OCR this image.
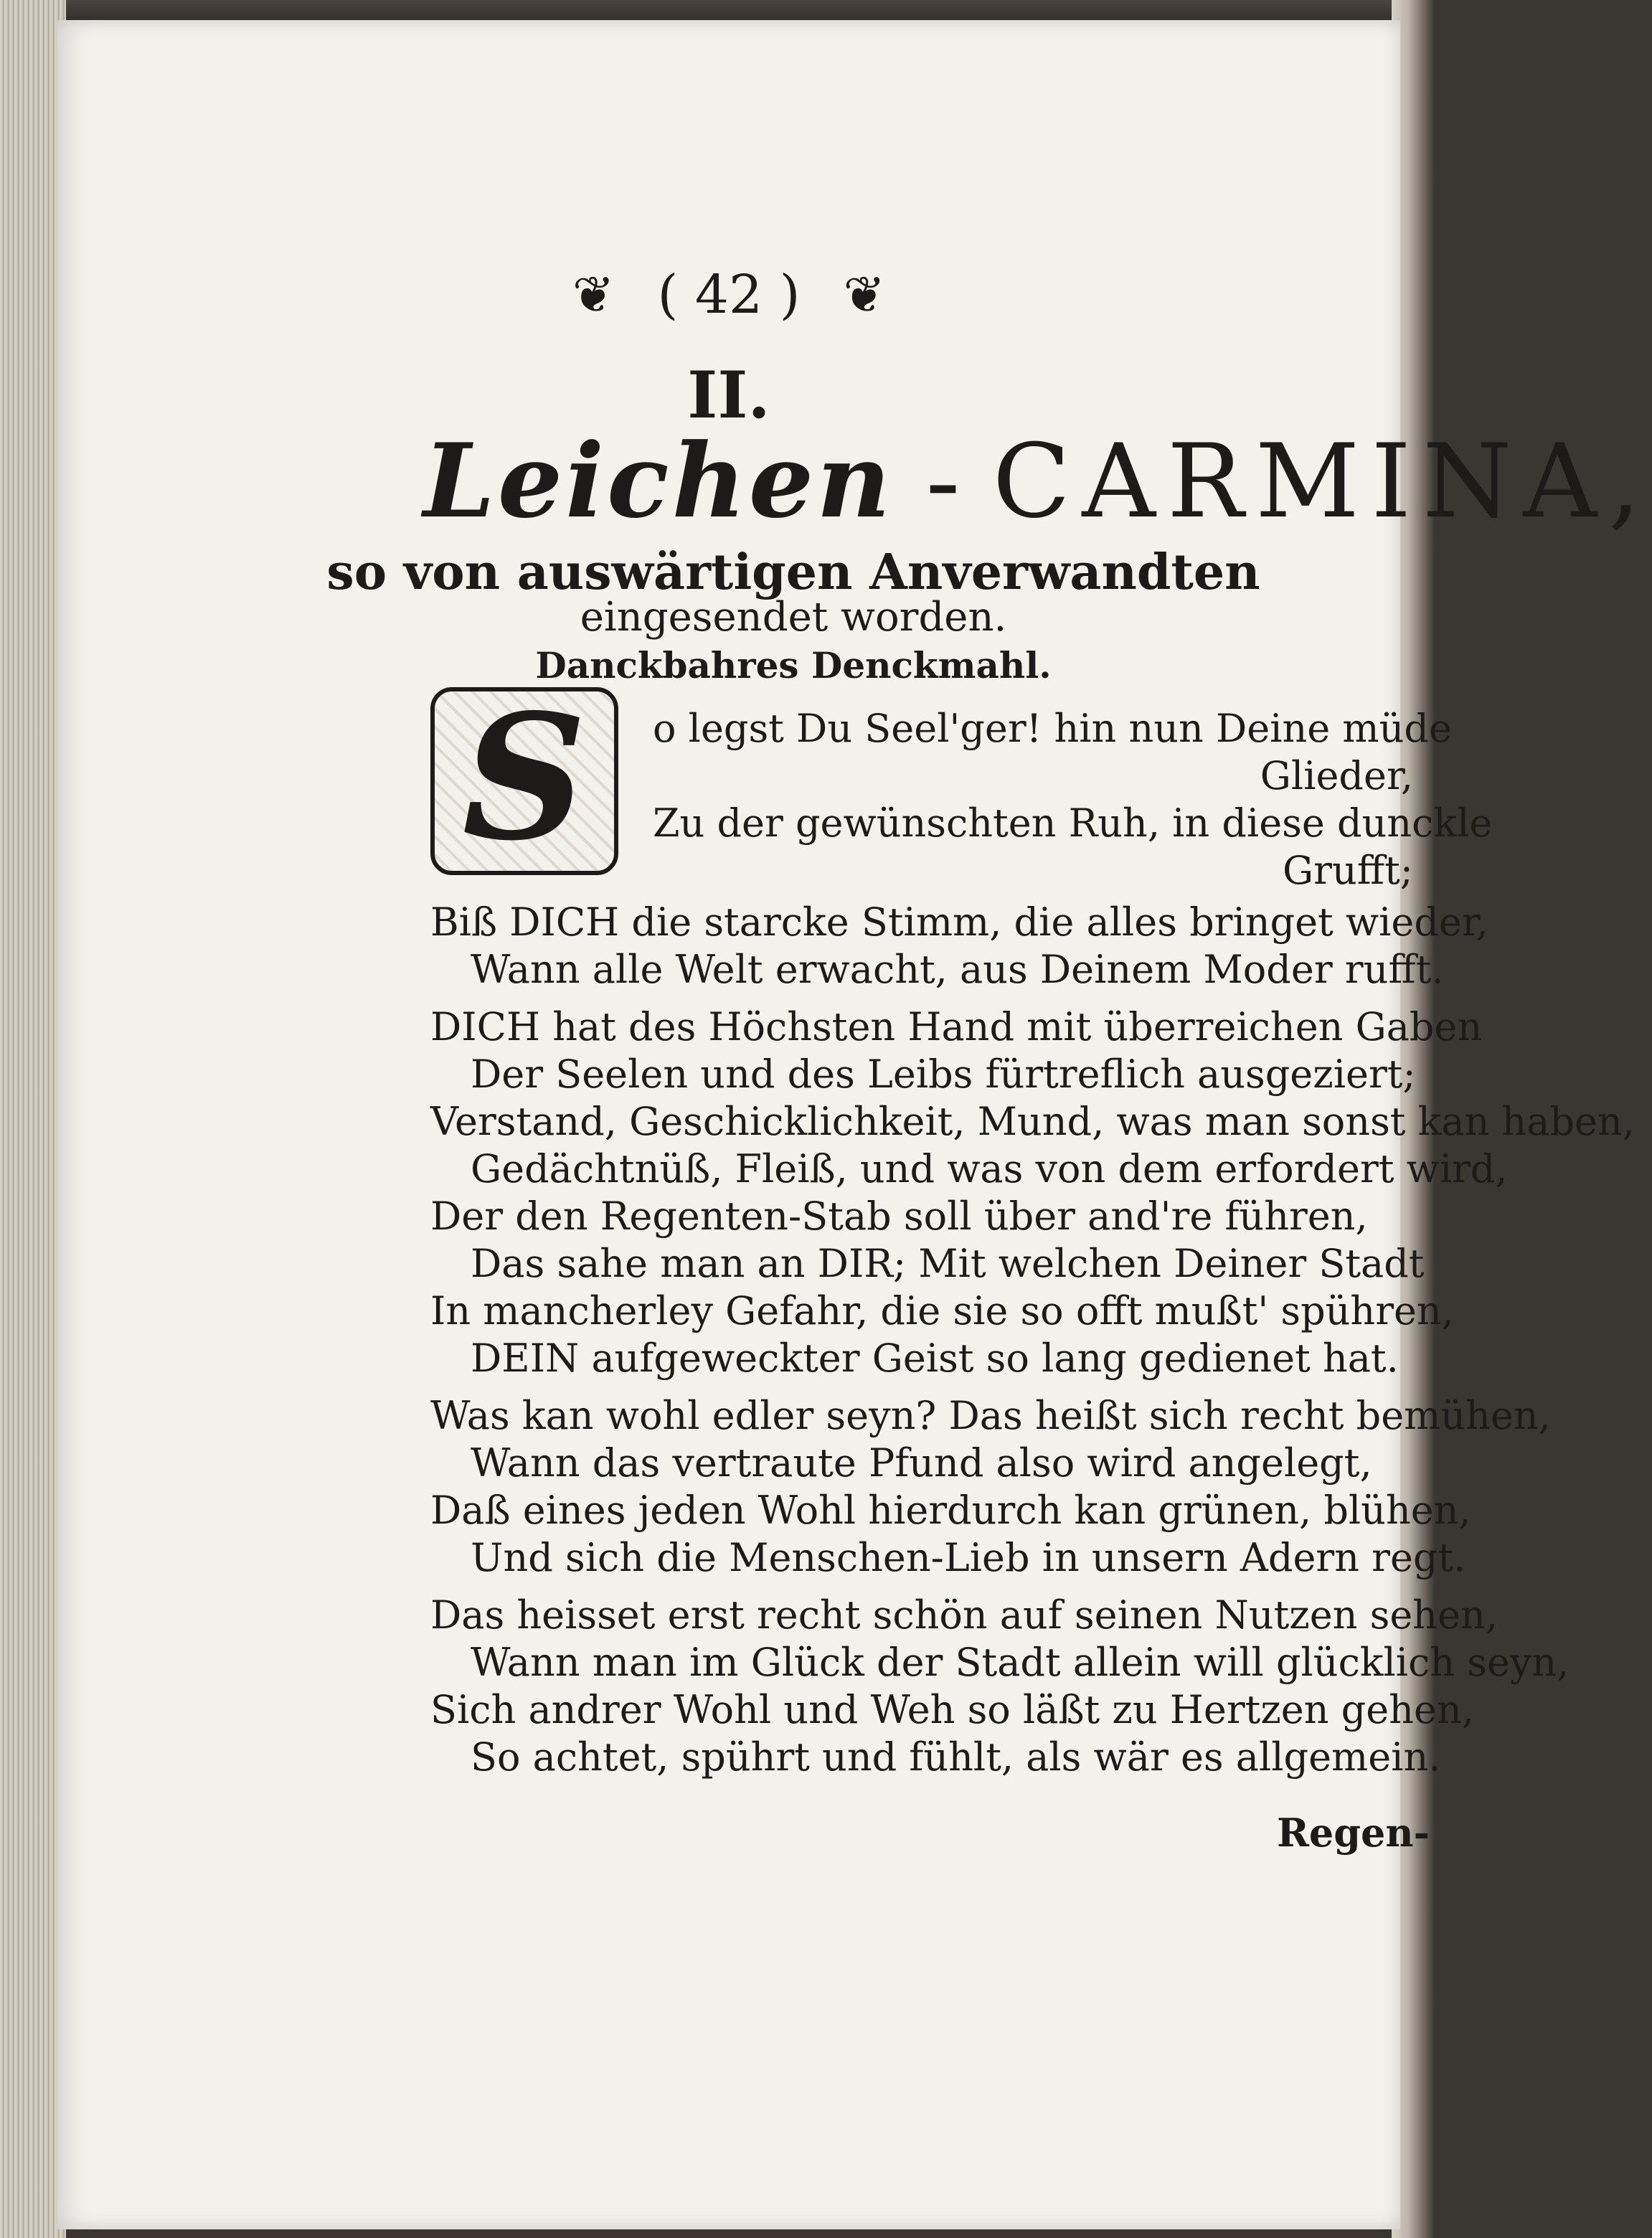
❦ ( 42 ) ❦
II.
Leichen - CARMINA,
so von auswärtigen Anverwandten
eingesendet worden.
Danckbahres Denckmahl.
S	o legst Du Seel'ger! hin nun Deine müde
Glieder,
Zu der gewünschten Ruh, in diese dunckle
Grufft;
Biß DICH die starcke Stimm, die alles bringet wieder,
Wann alle Welt erwacht, aus Deinem Moder rufft.
DICH hat des Höchsten Hand mit überreichen Gaben
Der Seelen und des Leibs fürtreflich ausgeziert;
Verstand, Geschicklichkeit, Mund, was man sonst kan haben,
Gedächtnüß, Fleiß, und was von dem erfordert wird,
Der den Regenten-Stab soll über and're führen,
Das sahe man an DIR; Mit welchen Deiner Stadt
In mancherley Gefahr, die sie so offt mußt' spühren,
DEIN aufgeweckter Geist so lang gedienet hat.
Was kan wohl edler seyn? Das heißt sich recht bemühen,
Wann das vertraute Pfund also wird angelegt,
Daß eines jeden Wohl hierdurch kan grünen, blühen,
Und sich die Menschen-Lieb in unsern Adern regt.
Das heisset erst recht schön auf seinen Nutzen sehen,
Wann man im Glück der Stadt allein will glücklich seyn,
Sich andrer Wohl und Weh so läßt zu Hertzen gehen,
So achtet, spührt und fühlt, als wär es allgemein.
Regen-
